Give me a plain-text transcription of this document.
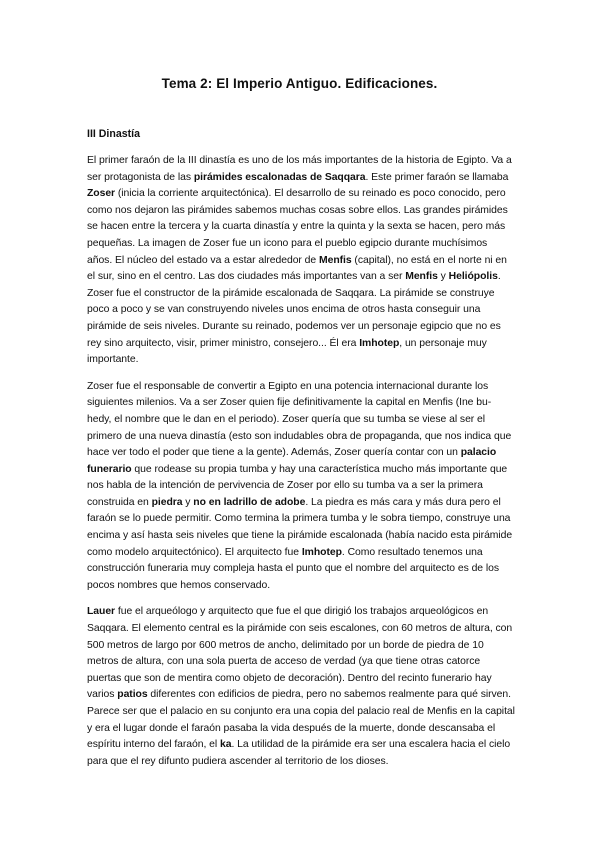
Tema 2: El Imperio Antiguo. Edificaciones.
III Dinastía

El primer faraón de la III dinastía es uno de los más importantes de la historia de Egipto. Va a ser protagonista de las pirámides escalonadas de Saqqara. Este primer faraón se llamaba Zoser (inicia la corriente arquitectónica). El desarrollo de su reinado es poco conocido, pero como nos dejaron las pirámides sabemos muchas cosas sobre ellos. Las grandes pirámides se hacen entre la tercera y la cuarta dinastía y entre la quinta y la sexta se hacen, pero más pequeñas. La imagen de Zoser fue un icono para el pueblo egipcio durante muchísimos años. El núcleo del estado va a estar alrededor de Menfis (capital), no está en el norte ni en el sur, sino en el centro. Las dos ciudades más importantes van a ser Menfis y Heliópolis. Zoser fue el constructor de la pirámide escalonada de Saqqara. La pirámide se construye poco a poco y se van construyendo niveles unos encima de otros hasta conseguir una pirámide de seis niveles. Durante su reinado, podemos ver un personaje egipcio que no es rey sino arquitecto, visir, primer ministro, consejero... Él era Imhotep, un personaje muy importante.

Zoser fue el responsable de convertir a Egipto en una potencia internacional durante los siguientes milenios. Va a ser Zoser quien fije definitivamente la capital en Menfis (Ine bu-hedy, el nombre que le dan en el periodo). Zoser quería que su tumba se viese al ser el primero de una nueva dinastía (esto son indudables obra de propaganda, que nos indica que hace ver todo el poder que tiene a la gente). Además, Zoser quería contar con un palacio funerario que rodease su propia tumba y hay una característica mucho más importante que nos habla de la intención de pervivencia de Zoser por ello su tumba va a ser la primera construida en piedra y no en ladrillo de adobe. La piedra es más cara y más dura pero el faraón se lo puede permitir. Como termina la primera tumba y le sobra tiempo, construye una encima y así hasta seis niveles que tiene la pirámide escalonada (había nacido esta pirámide como modelo arquitectónico). El arquitecto fue Imhotep. Como resultado tenemos una construcción funeraria muy compleja hasta el punto que el nombre del arquitecto es de los pocos nombres que hemos conservado.

Lauer fue el arqueólogo y arquitecto que fue el que dirigió los trabajos arqueológicos en Saqqara. El elemento central es la pirámide con seis escalones, con 60 metros de altura, con 500 metros de largo por 600 metros de ancho, delimitado por un borde de piedra de 10 metros de altura, con una sola puerta de acceso de verdad (ya que tiene otras catorce puertas que son de mentira como objeto de decoración). Dentro del recinto funerario hay varios patios diferentes con edificios de piedra, pero no sabemos realmente para qué sirven. Parece ser que el palacio en su conjunto era una copia del palacio real de Menfis en la capital y era el lugar donde el faraón pasaba la vida después de la muerte, donde descansaba el espíritu interno del faraón, el ka. La utilidad de la pirámide era ser una escalera hacia el cielo para que el rey difunto pudiera ascender al territorio de los dioses.
